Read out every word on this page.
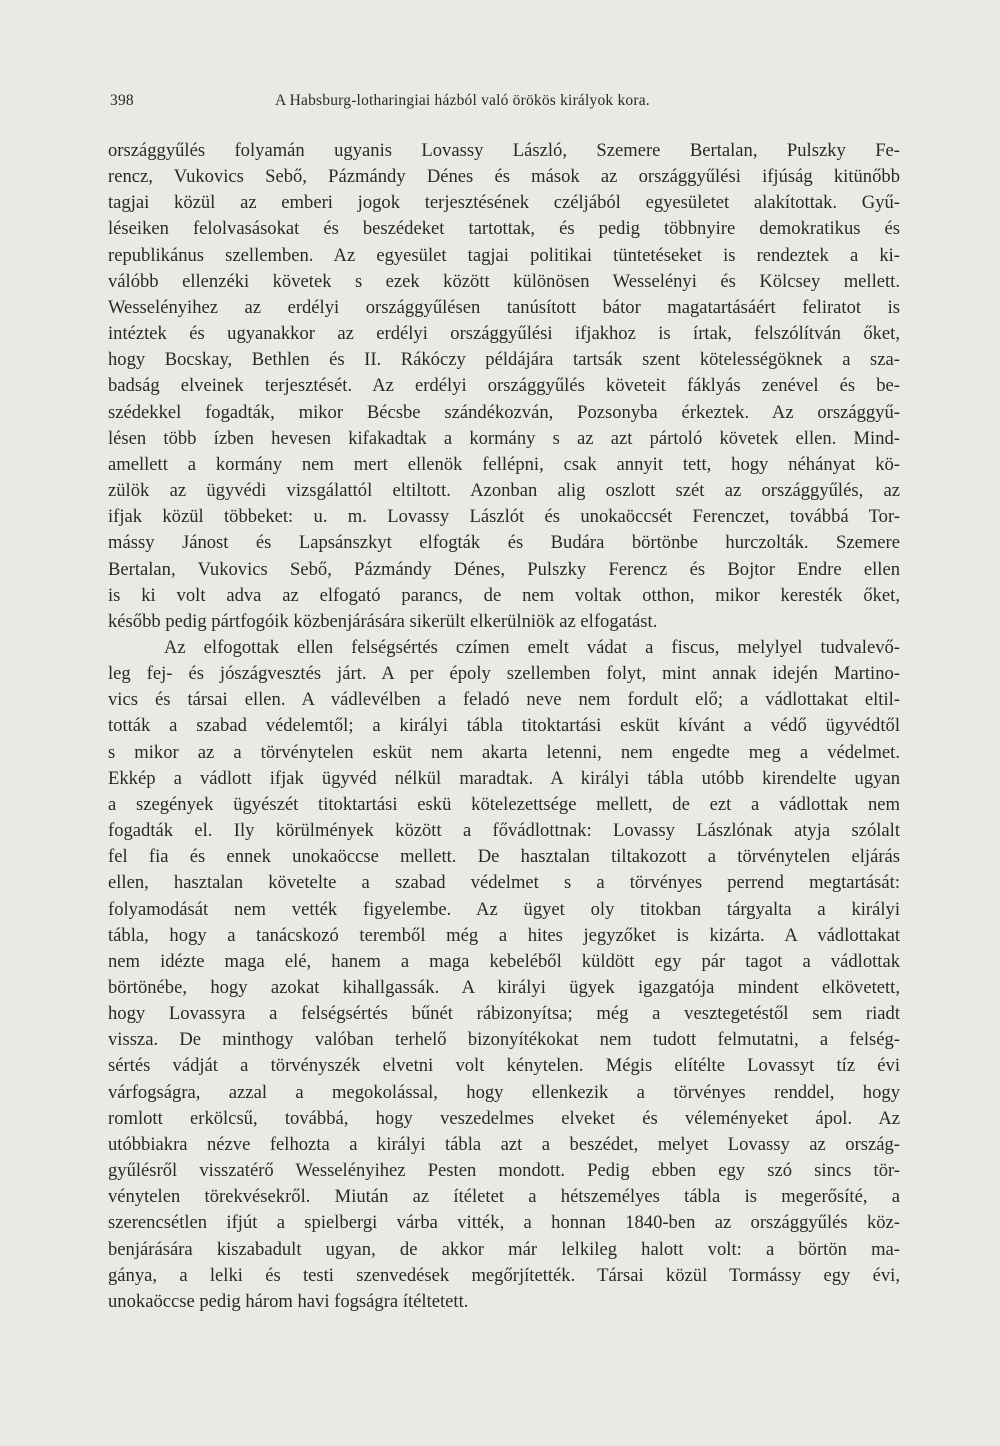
398	A Habsburg-lotharingiai házból való örökös királyok kora.
országgyűlés folyamán ugyanis Lovassy László, Szemere Bertalan, Pulszky Fe-
rencz, Vukovics Sebő, Pázmándy Dénes és mások az országgyűlési ifjúság kitünőbb
tagjai közül az emberi jogok terjesztésének czéljából egyesületet alakítottak. Gyű-
léseiken felolvasásokat és beszédeket tartottak, és pedig többnyire demokratikus és
republikánus szellemben. Az egyesület tagjai politikai tüntetéseket is rendeztek a ki-
válóbb ellenzéki követek s ezek között különösen Wesselényi és Kölcsey mellett.
Wesselényihez az erdélyi országgyűlésen tanúsított bátor magatartásáért feliratot is
intéztek és ugyanakkor az erdélyi országgyűlési ifjakhoz is írtak, felszólítván őket,
hogy Bocskay, Bethlen és II. Rákóczy példájára tartsák szent kötelességöknek a sza-
badság elveinek terjesztését. Az erdélyi országgyűlés követeit fáklyás zenével és be-
szédekkel fogadták, mikor Bécsbe szándékozván, Pozsonyba érkeztek. Az országgyű-
lésen több ízben hevesen kifakadtak a kormány s az azt pártoló követek ellen. Mind-
amellett a kormány nem mert ellenök fellépni, csak annyit tett, hogy néhányat kö-
zülök az ügyvédi vizsgálattól eltiltott. Azonban alig oszlott szét az országgyűlés, az
ifjak közül többeket: u. m. Lovassy Lászlót és unokaöccsét Ferenczet, továbbá Tor-
mássy Jánost és Lapsánszkyt elfogták és Budára börtönbe hurczolták. Szemere
Bertalan, Vukovics Sebő, Pázmándy Dénes, Pulszky Ferencz és Bojtor Endre ellen
is ki volt adva az elfogató parancs, de nem voltak otthon, mikor keresték őket,
később pedig pártfogóik közbenjárására sikerült elkerülniök az elfogatást.
Az elfogottak ellen felségsértés czímen emelt vádat a fiscus, melylyel tudvalevő-
leg fej- és jószágvesztés járt. A per époly szellemben folyt, mint annak idején Martino-
vics és társai ellen. A vádlevélben a feladó neve nem fordult elő; a vádlottakat eltil-
tották a szabad védelemtől; a királyi tábla titoktartási esküt kívánt a védő ügyvédtől
s mikor az a törvénytelen esküt nem akarta letenni, nem engedte meg a védelmet.
Ekkép a vádlott ifjak ügyvéd nélkül maradtak. A királyi tábla utóbb kirendelte ugyan
a szegények ügyészét titoktartási eskü kötelezettsége mellett, de ezt a vádlottak nem
fogadták el. Ily körülmények között a fővádlottnak: Lovassy Lászlónak atyja szólalt
fel fia és ennek unokaöccse mellett. De hasztalan tiltakozott a törvénytelen eljárás
ellen, hasztalan követelte a szabad védelmet s a törvényes perrend megtartását:
folyamodását nem vették figyelembe. Az ügyet oly titokban tárgyalta a királyi
tábla, hogy a tanácskozó teremből még a hites jegyzőket is kizárta. A vádlottakat
nem idézte maga elé, hanem a maga kebeléből küldött egy pár tagot a vádlottak
börtönébe, hogy azokat kihallgassák. A királyi ügyek igazgatója mindent elkövetett,
hogy Lovassyra a felségsértés bűnét rábizonyítsa; még a vesztegetéstől sem riadt
vissza. De minthogy valóban terhelő bizonyítékokat nem tudott felmutatni, a felség-
sértés vádját a törvényszék elvetni volt kénytelen. Mégis elítélte Lovassyt tíz évi
várfogságra, azzal a megokolással, hogy ellenkezik a törvényes renddel, hogy
romlott erkölcsű, továbbá, hogy veszedelmes elveket és véleményeket ápol. Az
utóbbiakra nézve felhozta a királyi tábla azt a beszédet, melyet Lovassy az ország-
gyűlésről visszatérő Wesselényihez Pesten mondott. Pedig ebben egy szó sincs tör-
vénytelen törekvésekről. Miután az ítéletet a hétszemélyes tábla is megerősíté, a
szerencsétlen ifjút a spielbergi várba vitték, a honnan 1840-ben az országgyűlés köz-
benjárására kiszabadult ugyan, de akkor már lelkileg halott volt: a börtön ma-
gánya, a lelki és testi szenvedések megőrjítették. Társai közül Tormássy egy évi,
unokaöccse pedig három havi fogságra ítéltetett.
